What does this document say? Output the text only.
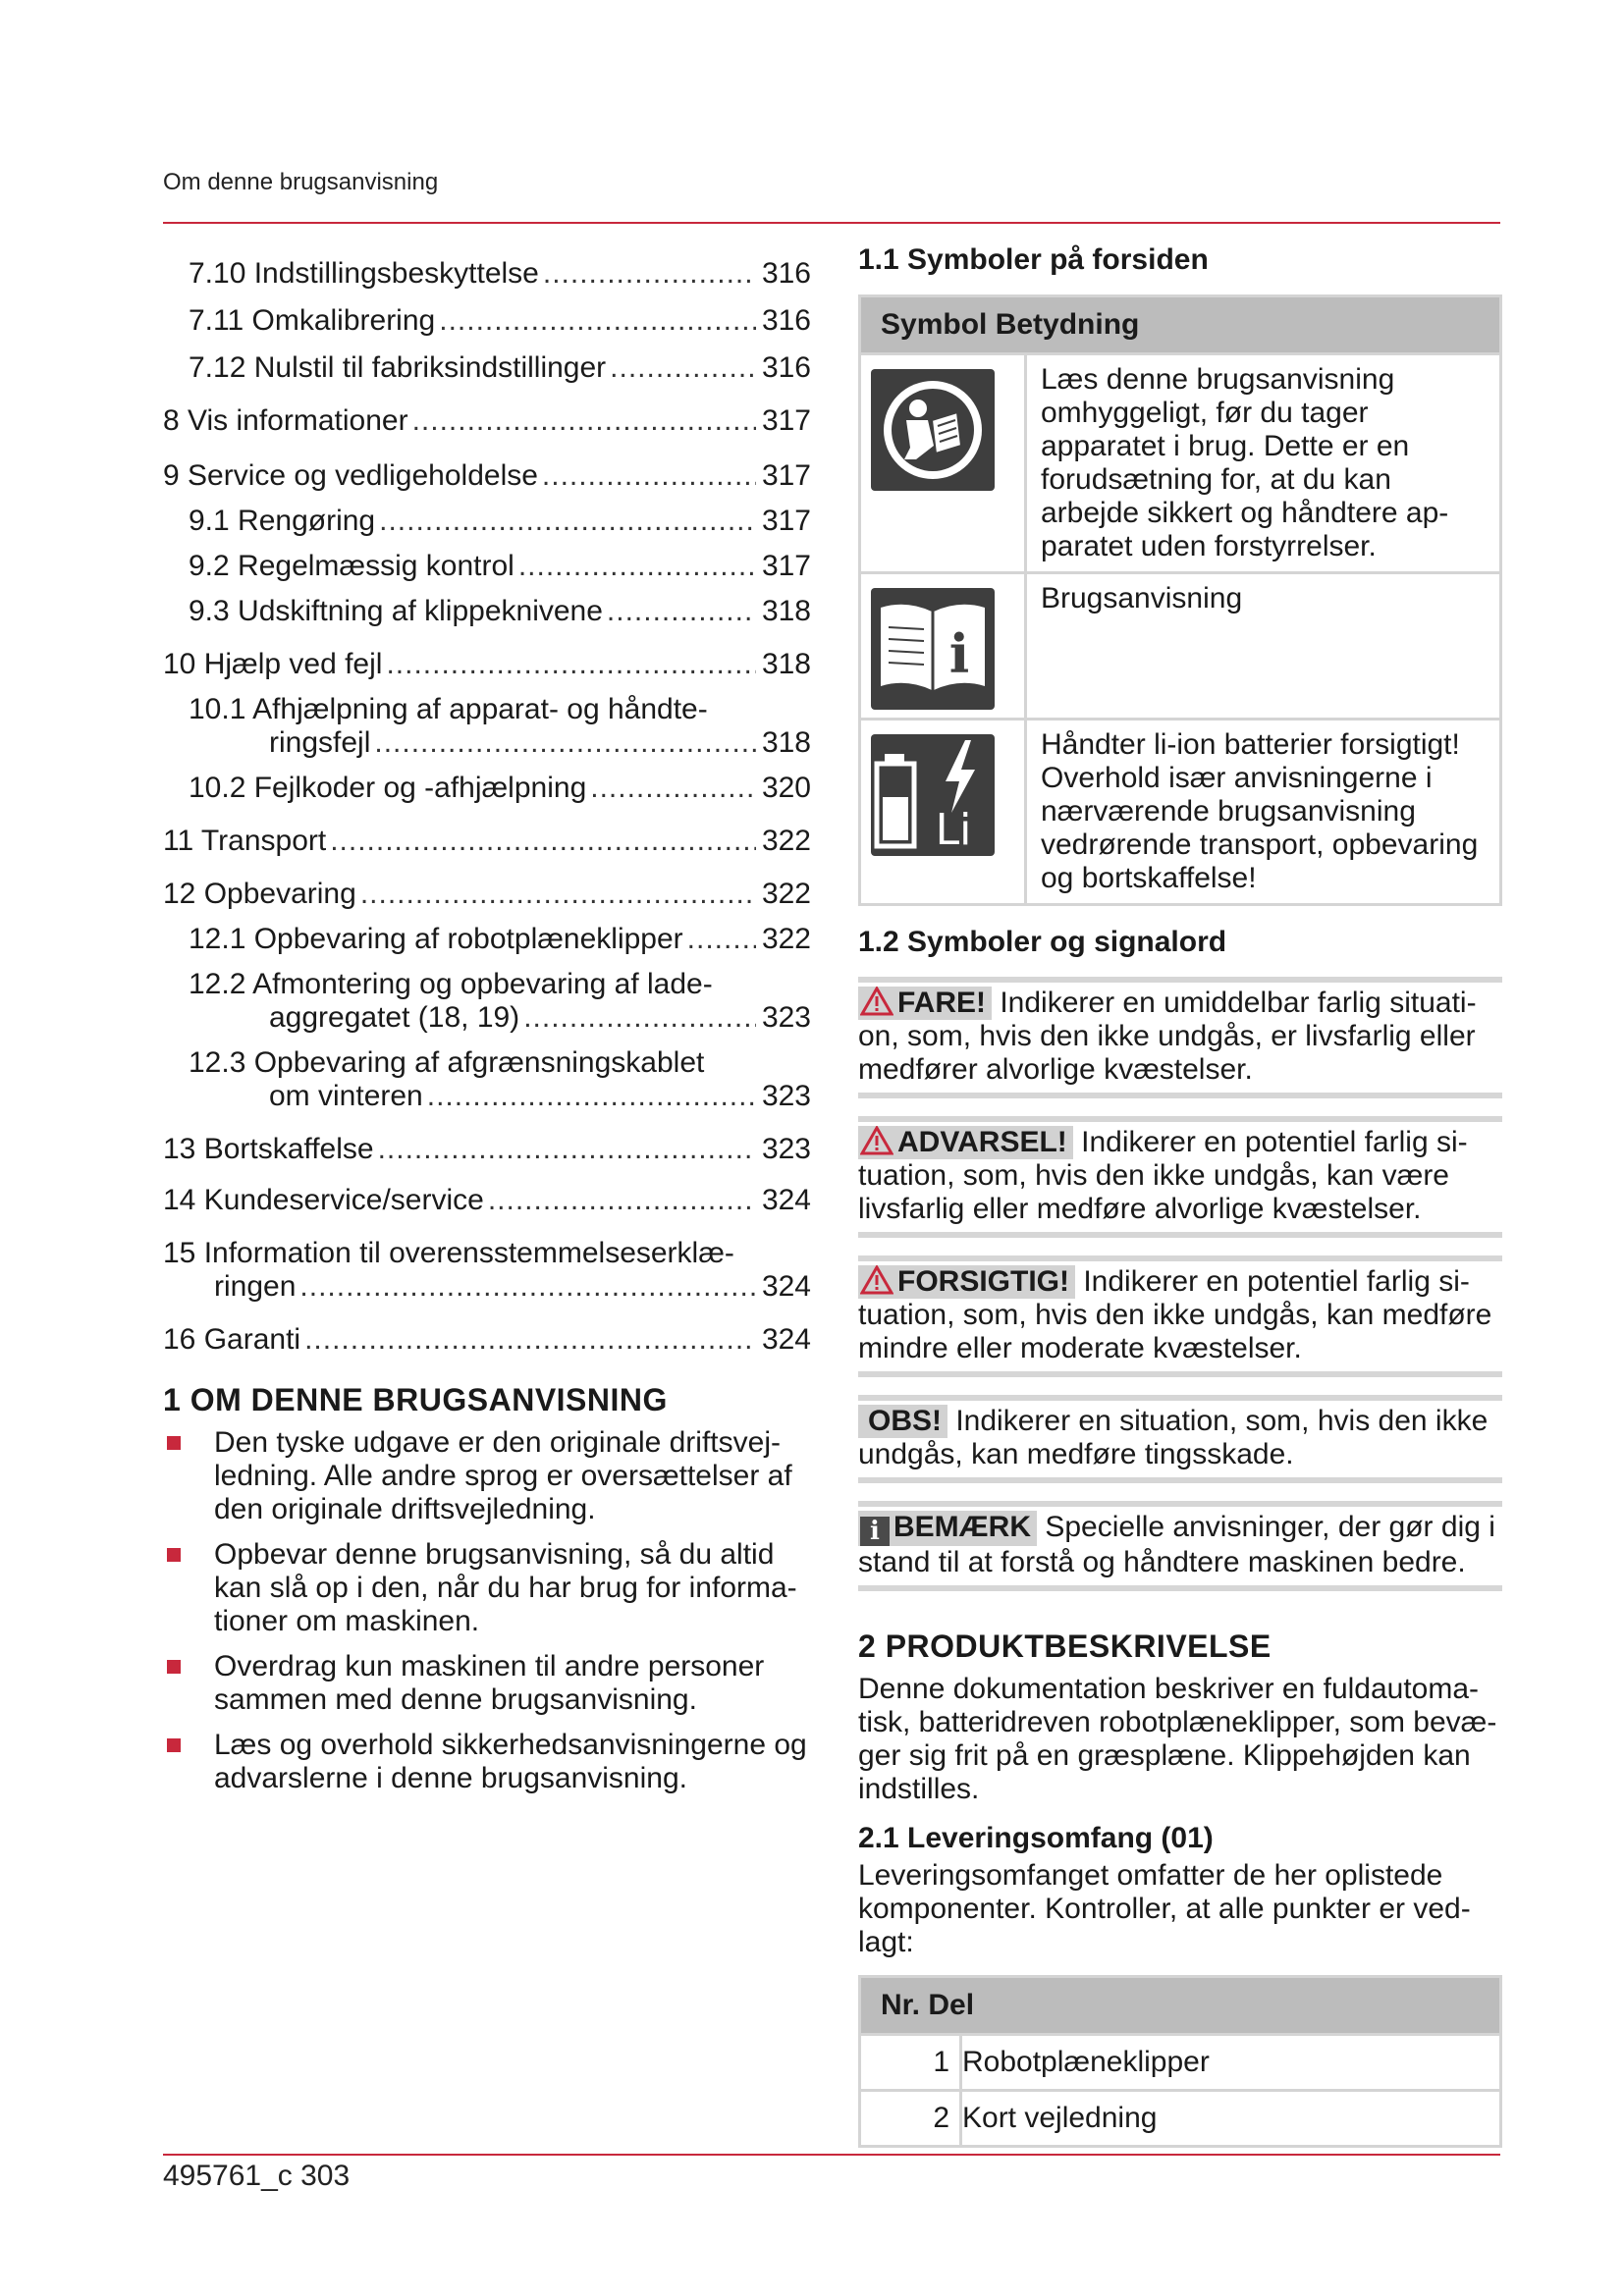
Om denne brugsanvisning
7.10 Indstillingsbeskyttelse .....	316
7.11 Omkalibrering .....	316
7.12 Nulstil til fabriksindstillinger .....	316
8 Vis informationer .....	317
9 Service og vedligeholdelse .....	317
9.1 Rengøring .....	317
9.2 Regelmæssig kontrol .....	317
9.3 Udskiftning af klippeknivene .....	318
10 Hjælp ved fejl .....	318
10.1 Afhjælpning af apparat- og håndte-
ringsfejl .....	318
10.2 Fejlkoder og -afhjælpning .....	320
11 Transport .....	322
12 Opbevaring .....	322
12.1 Opbevaring af robotplæneklipper .....	322
12.2 Afmontering og opbevaring af lade-
aggregatet (18, 19) .....	323
12.3 Opbevaring af afgrænsningskablet
om vinteren .....	323
13 Bortskaffelse .....	323
14 Kundeservice/service .....	324
15 Information til overensstemmelseserklæ-
ringen .....	324
16 Garanti .....	324
1 OM DENNE BRUGSANVISNING
Den tyske udgave er den originale driftsvejledning. Alle andre sprog er oversættelser af den originale driftsvejledning.
Opbevar denne brugsanvisning, så du altid kan slå op i den, når du har brug for informationer om maskinen.
Overdrag kun maskinen til andre personer sammen med denne brugsanvisning.
Læs og overhold sikkerhedsanvisningerne og advarslerne i denne brugsanvisning.
1.1 Symboler på forsiden
Symbol Betydning	

	Læs denne brugsanvisning omhyggeligt, før du tager apparatet i brug. Dette er en forudsætning for, at du kan arbejde sikkert og håndtere apparatet uden forstyrrelser.

i	Brugsanvisning

Li	Håndter li-ion batterier forsigtigt! Overhold især anvisningerne i nærværende brugsanvisning vedrørende transport, opbevaring og bortskaffelse!
1.2 Symboler og signalord
FARE! Indikerer en umiddelbar farlig situation, som, hvis den ikke undgås, er livsfarlig eller medfører alvorlige kvæstelser.
ADVARSEL! Indikerer en potentiel farlig situation, som, hvis den ikke undgås, kan være livsfarlig eller medføre alvorlige kvæstelser.
FORSIGTIG! Indikerer en potentiel farlig situation, som, hvis den ikke undgås, kan medføre mindre eller moderate kvæstelser.
OBS! Indikerer en situation, som, hvis den ikke undgås, kan medføre tingsskade.
i BEMÆRK Specielle anvisninger, der gør dig i stand til at forstå og håndtere maskinen bedre.
2 PRODUKTBESKRIVELSE
Denne dokumentation beskriver en fuldautomatisk, batteridreven robotplæneklipper, som bevæger sig frit på en græsplæne. Klippehøjden kan indstilles.
2.1 Leveringsomfang (01)
Leveringsomfanget omfatter de her oplistede komponenter. Kontroller, at alle punkter er vedlagt:
Nr. Del	
1	Robotplæneklipper
2	Kort vejledning
495761_c 303
